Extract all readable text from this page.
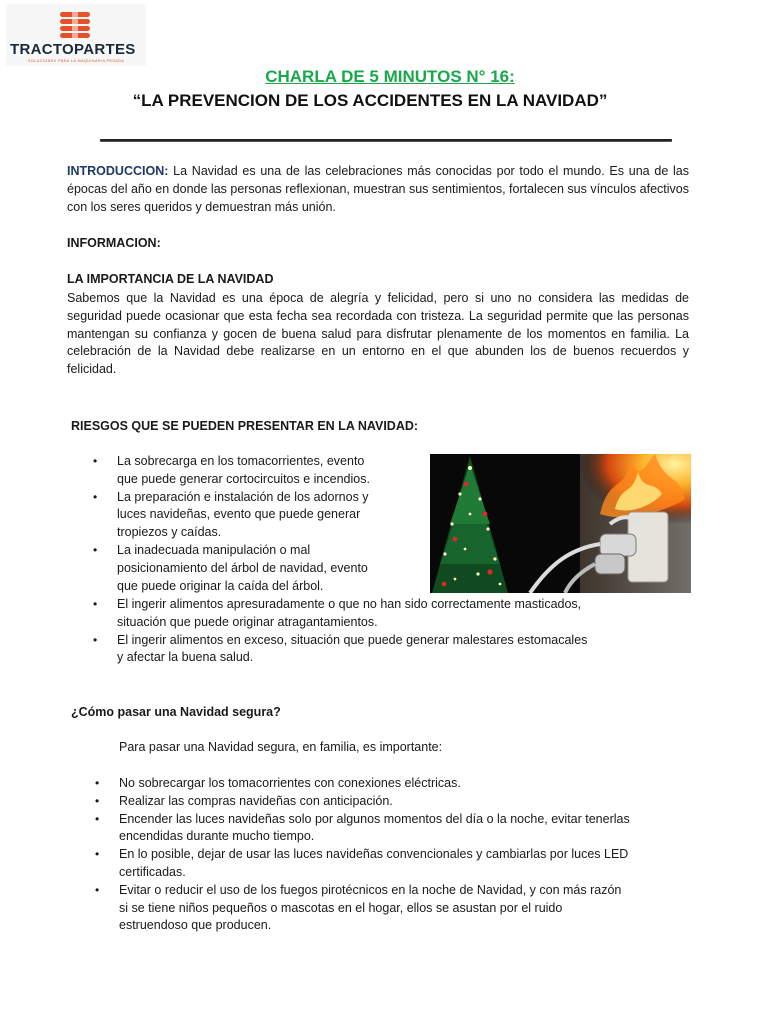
TRACTOPARTES
SOLUCIONES PARA LA MAQUINARIA PESADA
CHARLA DE 5 MINUTOS N° 16:
“LA PREVENCION DE LOS ACCIDENTES EN LA NAVIDAD”
INTRODUCCION: La Navidad es una de las celebraciones más conocidas por todo el mundo. Es una de las épocas del año en donde las personas reflexionan, muestran sus sentimientos, fortalecen sus vínculos afectivos con los seres queridos y demuestran más unión.
INFORMACION:
LA IMPORTANCIA DE LA NAVIDAD
Sabemos que la Navidad es una época de alegría y felicidad, pero si uno no considera las medidas de seguridad puede ocasionar que esta fecha sea recordada con tristeza. La seguridad permite que las personas mantengan su confianza y gocen de buena salud para disfrutar plenamente de los momentos en familia. La celebración de la Navidad debe realizarse en un entorno en el que abunden los de buenos recuerdos y felicidad.
RIESGOS QUE SE PUEDEN PRESENTAR EN LA NAVIDAD:
• La sobrecarga en los tomacorrientes, evento
que puede generar cortocircuitos e incendios.
• La preparación e instalación de los adornos y
luces navideñas, evento que puede generar
tropiezos y caídas.
• La inadecuada manipulación o mal
posicionamiento del árbol de navidad, evento
que puede originar la caída del árbol.
• El ingerir alimentos apresuradamente o que no han sido correctamente masticados,
situación que puede originar atragantamientos.
• El ingerir alimentos en exceso, situación que puede generar malestares estomacales
y afectar la buena salud.
¿Cómo pasar una Navidad segura?
Para pasar una Navidad segura, en familia, es importante:
• No sobrecargar los tomacorrientes con conexiones eléctricas.
• Realizar las compras navideñas con anticipación.
• Encender las luces navideñas solo por algunos momentos del día o la noche, evitar tenerlas
encendidas durante mucho tiempo.
• En lo posible, dejar de usar las luces navideñas convencionales y cambiarlas por luces LED
certificadas.
• Evitar o reducir el uso de los fuegos pirotécnicos en la noche de Navidad, y con más razón
si se tiene niños pequeños o mascotas en el hogar, ellos se asustan por el ruido
estruendoso que producen.
